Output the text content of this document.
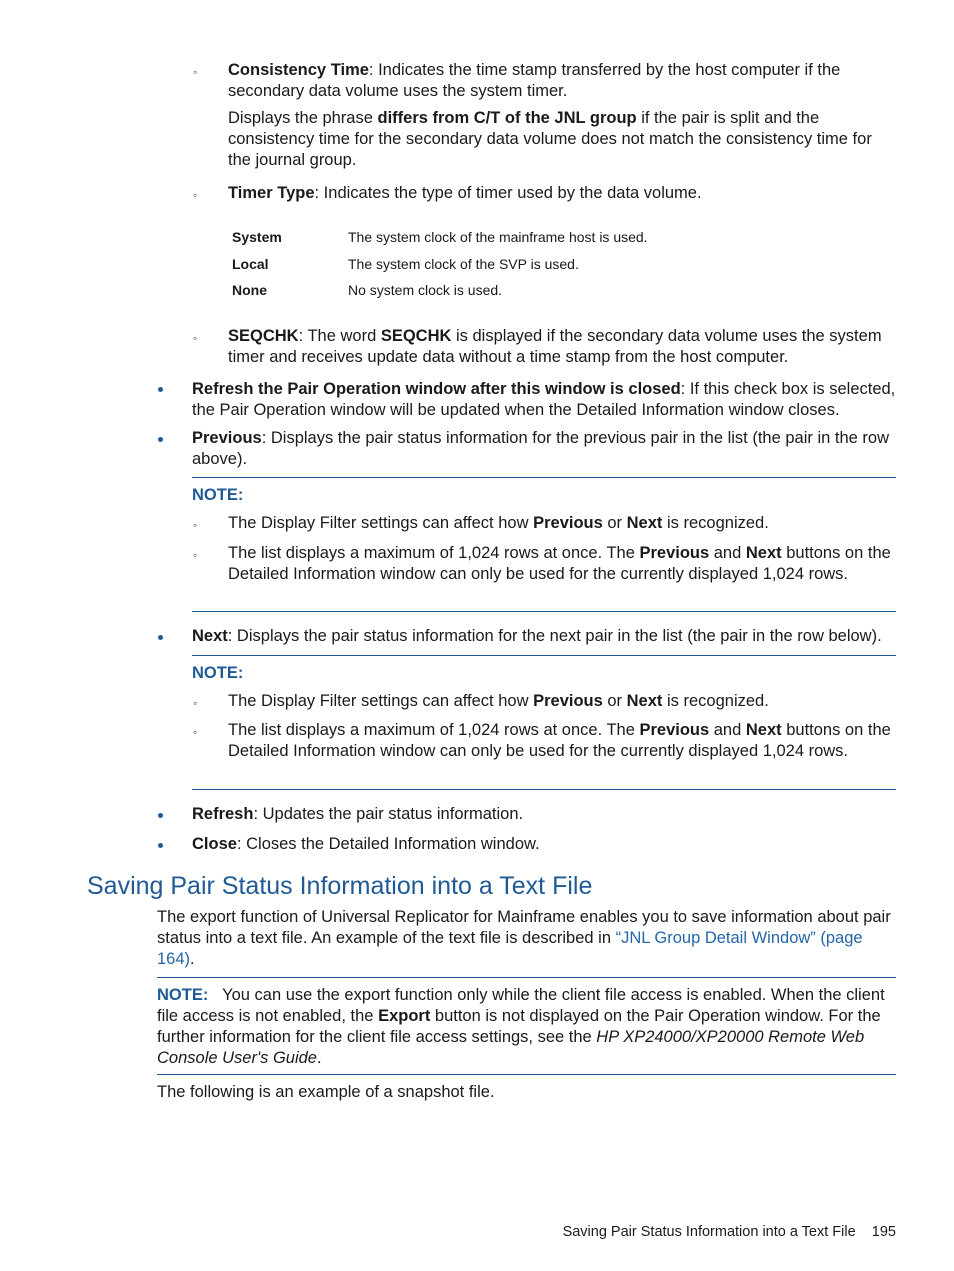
◦ Consistency Time: Indicates the time stamp transferred by the host computer if the secondary data volume uses the system timer.
Displays the phrase differs from C/T of the JNL group if the pair is split and the consistency time for the secondary data volume does not match the consistency time for the journal group.
◦ Timer Type: Indicates the type of timer used by the data volume.
System	The system clock of the mainframe host is used.
Local	The system clock of the SVP is used.
None	No system clock is used.
◦ SEQCHK: The word SEQCHK is displayed if the secondary data volume uses the system timer and receives update data without a time stamp from the host computer.
Refresh the Pair Operation window after this window is closed: If this check box is selected, the Pair Operation window will be updated when the Detailed Information window closes.
Previous: Displays the pair status information for the previous pair in the list (the pair in the row above).
NOTE:
◦ The Display Filter settings can affect how Previous or Next is recognized.
◦ The list displays a maximum of 1,024 rows at once. The Previous and Next buttons on the Detailed Information window can only be used for the currently displayed 1,024 rows.
Next: Displays the pair status information for the next pair in the list (the pair in the row below).
NOTE:
◦ The Display Filter settings can affect how Previous or Next is recognized.
◦ The list displays a maximum of 1,024 rows at once. The Previous and Next buttons on the Detailed Information window can only be used for the currently displayed 1,024 rows.
Refresh: Updates the pair status information.
Close: Closes the Detailed Information window.
Saving Pair Status Information into a Text File
The export function of Universal Replicator for Mainframe enables you to save information about pair status into a text file. An example of the text file is described in “JNL Group Detail Window” (page 164).
NOTE: You can use the export function only while the client file access is enabled. When the client file access is not enabled, the Export button is not displayed on the Pair Operation window. For the further information for the client file access settings, see the HP XP24000/XP20000 Remote Web Console User's Guide.
The following is an example of a snapshot file.
Saving Pair Status Information into a Text File 195
